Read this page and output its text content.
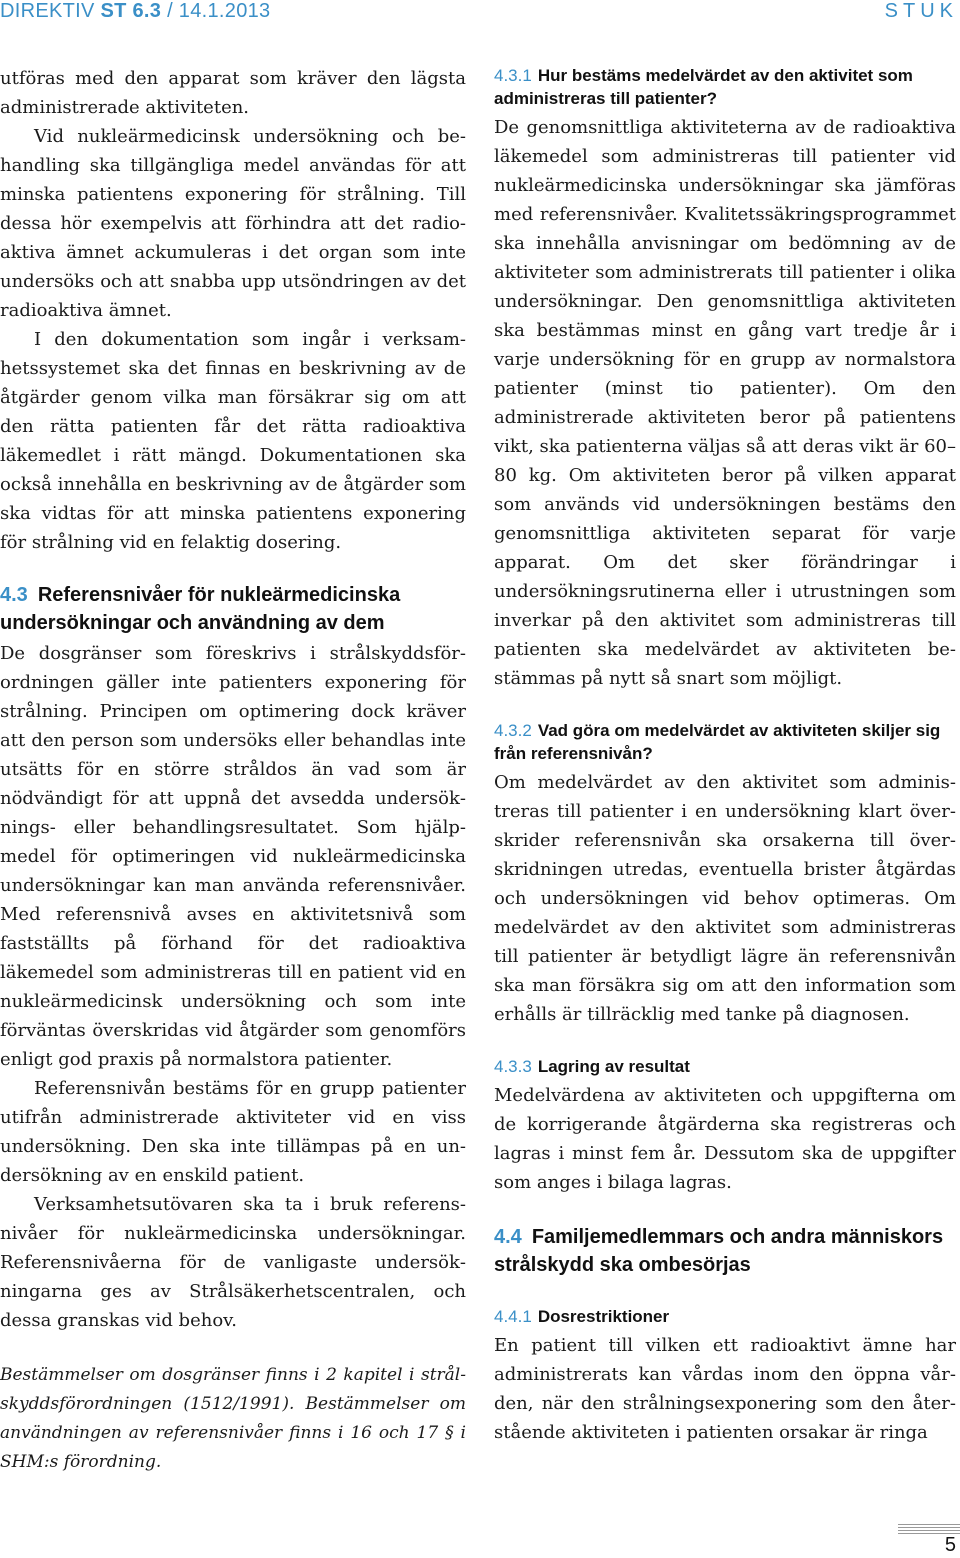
DIREKTIV ST 6.3 / 14.1.2013	STUK

utföras med den apparat som kräver den lägsta administrerade aktiviteten.

Vid nukleärmedicinsk undersökning och behandling ska tillgängliga medel användas för att minska patientens exponering för strålning. Till dessa hör exempelvis att förhindra att det radioaktiva ämnet ackumuleras i det organ som inte undersöks och att snabba upp utsöndringen av det radioaktiva ämnet.

I den dokumentation som ingår i verksamhetssystemet ska det finnas en beskrivning av de åtgärder genom vilka man försäkrar sig om att den rätta patienten får det rätta radioaktiva läkemedlet i rätt mängd. Dokumentationen ska också innehålla en beskrivning av de åtgärder som ska vidtas för att minska patientens exponering för strålning vid en felaktig dosering.

4.3 Referensnivåer för nukleärmedicinska undersökningar och användning av dem

De dosgränser som föreskrivs i strålskyddsförordningen gäller inte patienters exponering för strålning. Principen om optimering dock kräver att den person som undersöks eller behandlas inte utsätts för en större stråldos än vad som är nödvändigt för att uppnå det avsedda undersöknings- eller behandlingsresultatet. Som hjälpmedel för optimeringen vid nukleärmedicinska undersökningar kan man använda referensnivåer. Med referensnivå avses en aktivitetsnivå som fastställts på förhand för det radioaktiva läkemedel som administreras till en patient vid en nukleärmedicinsk undersökning och som inte förväntas överskridas vid åtgärder som genomförs enligt god praxis på normalstora patienter.

Referensnivån bestäms för en grupp patienter utifrån administrerade aktiviteter vid en viss undersökning. Den ska inte tillämpas på en undersökning av en enskild patient.

Verksamhetsutövaren ska ta i bruk referensnivåer för nukleärmedicinska undersökningar. Referensnivåerna för de vanligaste undersökningarna ges av Strålsäkerhetscentralen, och dessa granskas vid behov.

Bestämmelser om dosgränser finns i 2 kapitel i strålskyddsförordningen (1512/1991). Bestämmelser om användningen av referensnivåer finns i 16 och 17 § i SHM:s förordning.

4.3.1 Hur bestäms medelvärdet av den aktivitet som administreras till patienter?

De genomsnittliga aktiviteterna av de radioaktiva läkemedel som administreras till patienter vid nukleärmedicinska undersökningar ska jämföras med referensnivåer. Kvalitetssäkringsprogrammet ska innehålla anvisningar om bedömning av de aktiviteter som administrerats till patienter i olika undersökningar. Den genomsnittliga aktiviteten ska bestämmas minst en gång vart tredje år i varje undersökning för en grupp av normalstora patienter (minst tio patienter). Om den administrerade aktiviteten beror på patientens vikt, ska patienterna väljas så att deras vikt är 60–80 kg. Om aktiviteten beror på vilken apparat som används vid undersökningen bestäms den genomsnittliga aktiviteten separat för varje apparat. Om det sker förändringar i undersökningsrutinerna eller i utrustningen som inverkar på den aktivitet som administreras till patienten ska medelvärdet av aktiviteten bestämmas på nytt så snart som möjligt.

4.3.2 Vad göra om medelvärdet av aktiviteten skiljer sig från referensnivån?

Om medelvärdet av den aktivitet som administreras till patienter i en undersökning klart överskrider referensnivån ska orsakerna till överskridningen utredas, eventuella brister åtgärdas och undersökningen vid behov optimeras. Om medelvärdet av den aktivitet som administreras till patienter är betydligt lägre än referensnivån ska man försäkra sig om att den information som erhålls är tillräcklig med tanke på diagnosen.

4.3.3 Lagring av resultat

Medelvärdena av aktiviteten och uppgifterna om de korrigerande åtgärderna ska registreras och lagras i minst fem år. Dessutom ska de uppgifter som anges i bilaga lagras.

4.4 Familjemedlemmars och andra människors strålskydd ska ombesörjas
4.4.1 Dosrestriktioner

En patient till vilken ett radioaktivt ämne har administrerats kan vårdas inom den öppna vården, när den strålningsexponering som den återstående aktiviteten i patienten orsakar är ringa

5
